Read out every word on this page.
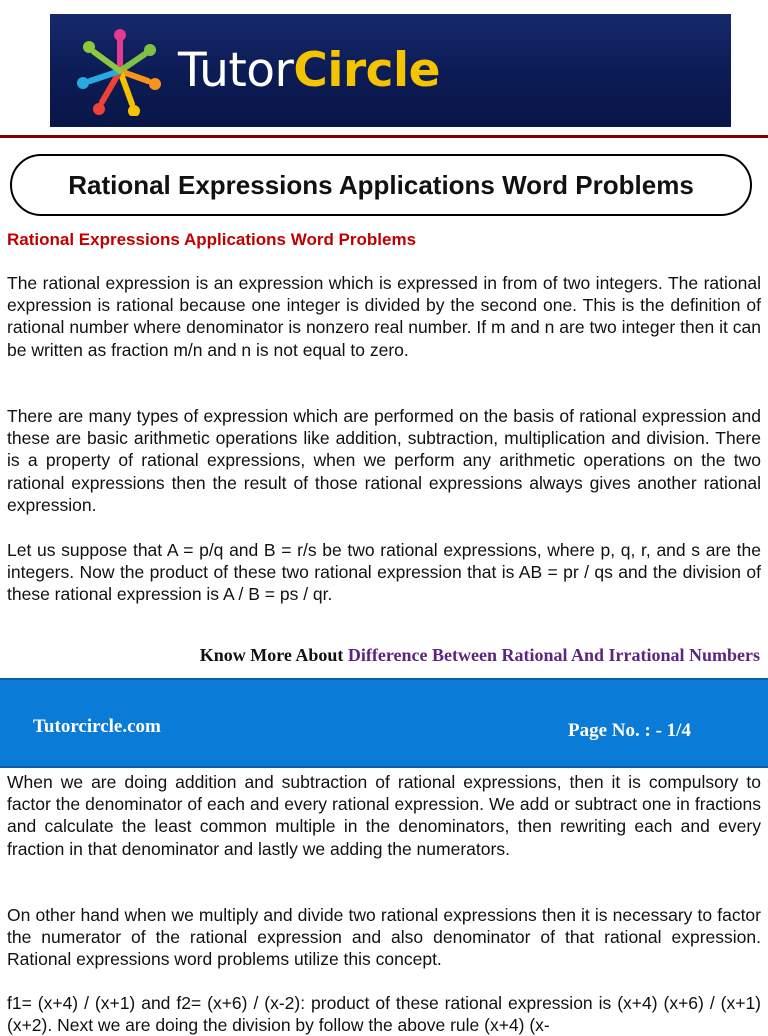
TutorCircle
Rational Expressions Applications Word Problems
Rational Expressions Applications Word Problems

The rational expression is an expression which is expressed in from of two integers. The rational expression is rational because one integer is divided by the second one. This is the definition of rational number where denominator is nonzero real number. If m and n are two integer then it can be written as fraction m/n and n is not equal to zero.

There are many types of expression which are performed on the basis of rational expression and these are basic arithmetic operations like addition, subtraction, multiplication and division. There is a property of rational expressions, when we perform any arithmetic operations on the two rational expressions then the result of those rational expressions always gives another rational expression.

Let us suppose that A = p/q and B = r/s be two rational expressions, where p, q, r, and s are the integers. Now the product of these two rational expression that is AB = pr / qs and the division of these rational expression is A / B = ps / qr.

Know More About Difference Between Rational And Irrational Numbers
Tutorcircle.com	Page No. : - 1/4

When we are doing addition and subtraction of rational expressions, then it is compulsory to factor the denominator of each and every rational expression. We add or subtract one in fractions and calculate the least common multiple in the denominators, then rewriting each and every fraction in that denominator and lastly we adding the numerators.

On other hand when we multiply and divide two rational expressions then it is necessary to factor the numerator of the rational expression and also denominator of that rational expression. Rational expressions word problems utilize this concept.

f1= (x+4) / (x+1) and f2= (x+6) / (x-2): product of these rational expression is (x+4) (x+6) / (x+1) (x+2). Next we are doing the division by follow the above rule (x+4) (x-
